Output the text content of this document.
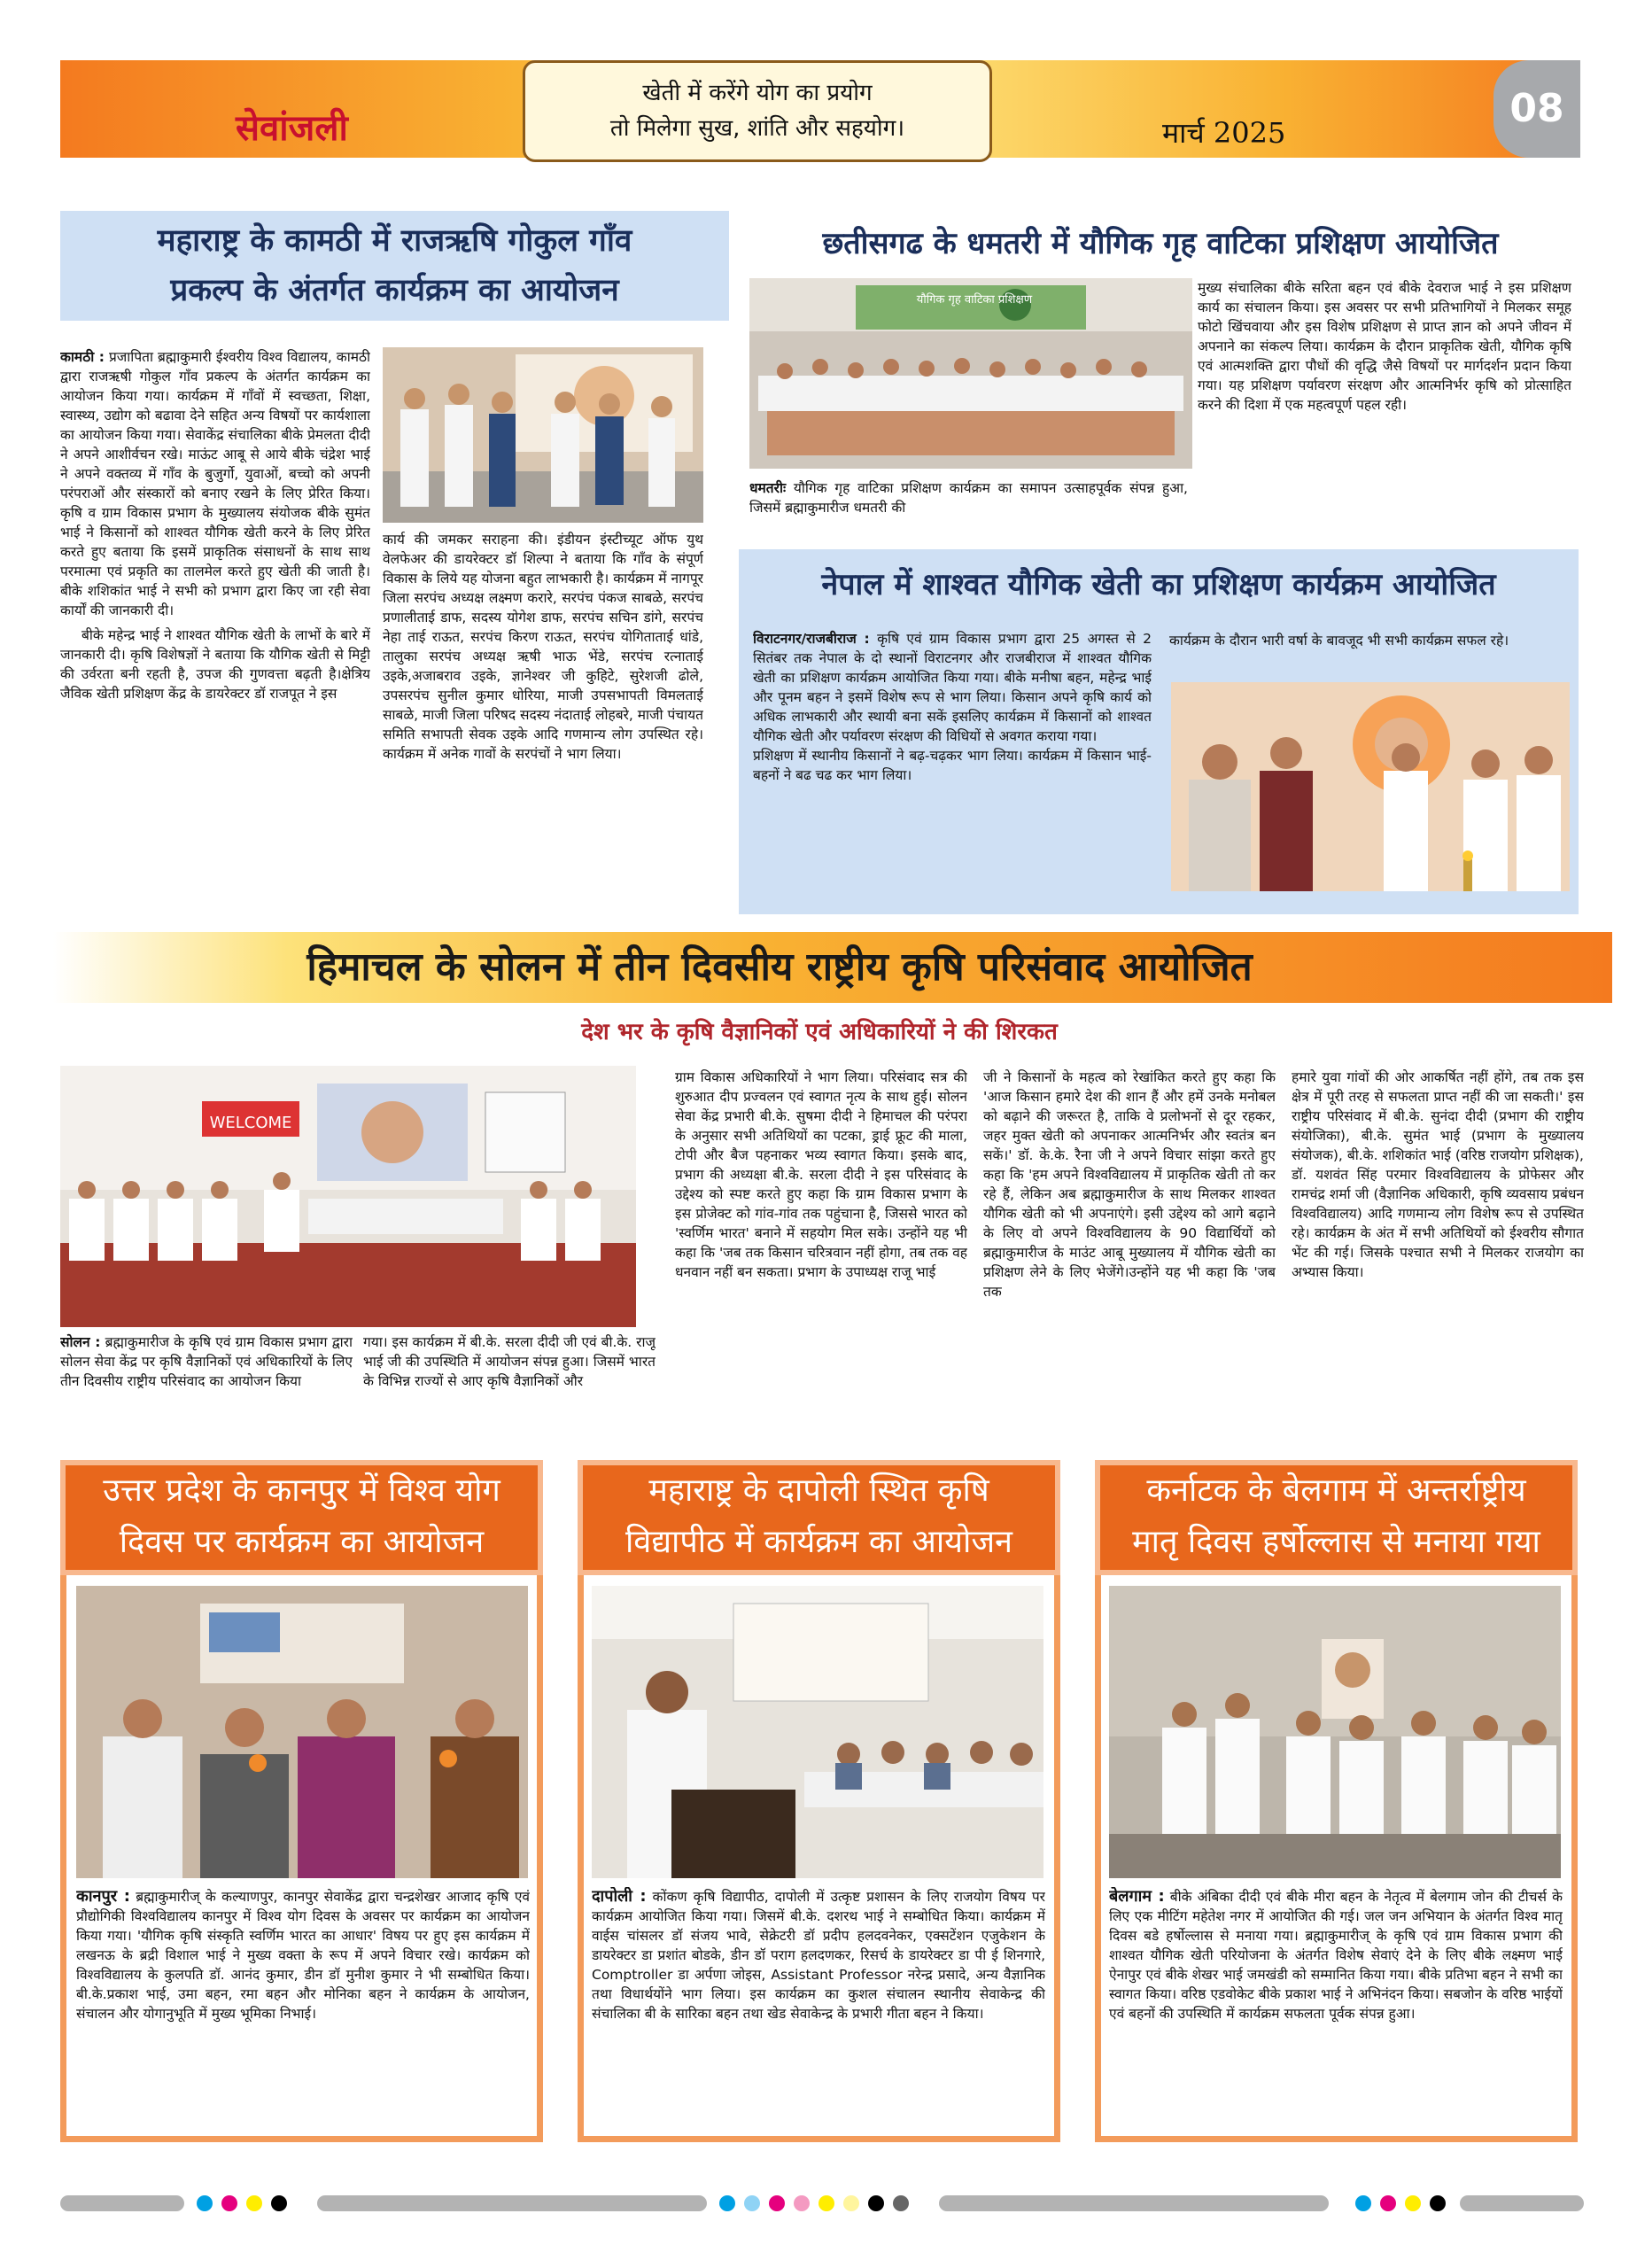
सेवांजली
खेती में करेंगे योग का प्रयोग
तो मिलेगा सुख, शांति और सहयोग।	मार्च 2025
08
महाराष्ट्र के कामठी में राजऋषि गोकुल गाँव
प्रकल्प के अंतर्गत कार्यक्रम का आयोजन
कामठी : प्रजापिता ब्रह्माकुमारी ईश्वरीय विश्व विद्यालय, कामठी द्वारा राजऋषी गोकुल गाँव प्रकल्प के अंतर्गत कार्यक्रम का आयोजन किया गया। कार्यक्रम में गाँवों में स्वच्छता, शिक्षा, स्वास्थ्य, उद्योग को बढावा देने सहित अन्य विषयों पर कार्यशाला का आयोजन किया गया। सेवाकेंद्र संचालिका बीके प्रेमलता दीदी ने अपने आशीर्वचन रखे। माऊंट आबू से आये बीके चंद्रेश भाई ने अपने वक्तव्य में गाँव के बुजुर्गो, युवाओं, बच्चो को अपनी परंपराओं और संस्कारों को बनाए रखने के लिए प्रेरित किया। कृषि व ग्राम विकास प्रभाग के मुख्यालय संयोजक बीके सुमंत भाई ने किसानों को शाश्वत यौगिक खेती करने के लिए प्रेरित करते हुए बताया कि इसमें प्राकृतिक संसाधनों के साथ साथ परमात्मा एवं प्रकृति का तालमेल करते हुए खेती की जाती है। बीके शशिकांत भाई ने सभी को प्रभाग द्वारा किए जा रही सेवा कार्यों की जानकारी दी।

बीके महेन्द्र भाई ने शाश्वत यौगिक खेती के लाभों के बारे में जानकारी दी। कृषि विशेषज्ञों ने बताया कि यौगिक खेती से मिट्टी की उर्वरता बनी रहती है, उपज की गुणवत्ता बढ़ती है।क्षेत्रिय जैविक खेती प्रशिक्षण केंद्र के डायरेक्टर डॉ राजपूत ने इस

कार्य की जमकर सराहना की। इंडीयन इंस्टीच्यूट ऑफ युथ वेलफेअर की डायरेक्टर डॉ शिल्पा ने बताया कि गाँव के संपूर्ण विकास के लिये यह योजना बहुत लाभकारी है। कार्यक्रम में नागपूर जिला सरपंच अध्यक्ष लक्ष्मण करारे, सरपंच पंकज साबळे, सरपंच प्रणालीताई डाफ, सदस्य योगेश डाफ, सरपंच सचिन डांगे, सरपंच नेहा ताई राऊत, सरपंच किरण राऊत, सरपंच योगिताताई धांडे, तालुका सरपंच अध्यक्ष ऋषी भाऊ भेंडे, सरपंच रत्नाताई उइके,अजाबराव उइके, ज्ञानेश्वर जी कुहिटे, सुरेशजी ढोले, उपसरपंच सुनील कुमार धोरिया, माजी उपसभापती विमलताई साबळे, माजी जिला परिषद सदस्य नंदाताई लोहबरे, माजी पंचायत समिति सभापती सेवक उइके आदि गणमान्य लोग उपस्थित रहे। कार्यक्रम में अनेक गावों के सरपंचों ने भाग लिया।
छतीसगढ के धमतरी में यौगिक गृह वाटिका प्रशिक्षण आयोजित
यौगिक गृह वाटिका प्रशिक्षण
धमतरीः यौगिक गृह वाटिका प्रशिक्षण कार्यक्रम का समापन उत्साहपूर्वक संपन्न हुआ, जिसमें ब्रह्माकुमारीज धमतरी की
मुख्य संचालिका बीके सरिता बहन एवं बीके देवराज भाई ने इस प्रशिक्षण कार्य का संचालन किया। इस अवसर पर सभी प्रतिभागियों ने मिलकर समूह फोटो खिंचवाया और इस विशेष प्रशिक्षण से प्राप्त ज्ञान को अपने जीवन में अपनाने का संकल्प लिया। कार्यक्रम के दौरान प्राकृतिक खेती, यौगिक कृषि एवं आत्मशक्ति द्वारा पौधों की वृद्धि जैसे विषयों पर मार्गदर्शन प्रदान किया गया। यह प्रशिक्षण पर्यावरण संरक्षण और आत्मनिर्भर कृषि को प्रोत्साहित करने की दिशा में एक महत्वपूर्ण पहल रही।
नेपाल में शाश्वत यौगिक खेती का प्रशिक्षण कार्यक्रम आयोजित
विराटनगर/राजबीराज : कृषि एवं ग्राम विकास प्रभाग द्वारा 25 अगस्त से 2 सितंबर तक नेपाल के दो स्थानों विराटनगर और राजबीराज में शाश्वत यौगिक खेती का प्रशिक्षण कार्यक्रम आयोजित किया गया। बीके मनीषा बहन, महेन्द्र भाई और पूनम बहन ने इसमें विशेष रूप से भाग लिया। किसान अपने कृषि कार्य को अधिक लाभकारी और स्थायी बना सकें इसलिए कार्यक्रम में किसानों को शाश्वत यौगिक खेती और पर्यावरण संरक्षण की विधियों से अवगत कराया गया।

प्रशिक्षण में स्थानीय किसानों ने बढ़-चढ़कर भाग लिया। कार्यक्रम में किसान भाई-बहनों ने बढ चढ कर भाग लिया।

कार्यक्रम के दौरान भारी वर्षा के बावजूद भी सभी कार्यक्रम सफल रहे।
हिमाचल के सोलन में तीन दिवसीय राष्ट्रीय कृषि परिसंवाद आयोजित
देश भर के कृषि वैज्ञानिकों एवं अधिकारियों ने की शिरकत
WELCOME
सोलन : ब्रह्माकुमारीज के कृषि एवं ग्राम विकास प्रभाग द्वारा सोलन सेवा केंद्र पर कृषि वैज्ञानिकों एवं अधिकारियों के लिए तीन दिवसीय राष्ट्रीय परिसंवाद का आयोजन किया
गया। इस कार्यक्रम में बी.के. सरला दीदी जी एवं बी.के. राजू भाई जी की उपस्थिति में आयोजन संपन्न हुआ। जिसमें भारत के विभिन्न राज्यों से आए कृषि वैज्ञानिकों और
ग्राम विकास अधिकारियों ने भाग लिया। परिसंवाद सत्र की शुरुआत दीप प्रज्वलन एवं स्वागत नृत्य के साथ हुई। सोलन सेवा केंद्र प्रभारी बी.के. सुषमा दीदी ने हिमाचल की परंपरा के अनुसार सभी अतिथियों का पटका, ड्राई फ्रूट की माला, टोपी और बैज पहनाकर भव्य स्वागत किया। इसके बाद, प्रभाग की अध्यक्षा बी.के. सरला दीदी ने इस परिसंवाद के उद्देश्य को स्पष्ट करते हुए कहा कि ग्राम विकास प्रभाग के इस प्रोजेक्ट को गांव-गांव तक पहुंचाना है, जिससे भारत को 'स्वर्णिम भारत' बनाने में सहयोग मिल सके। उन्होंने यह भी कहा कि 'जब तक किसान चरित्रवान नहीं होगा, तब तक वह धनवान नहीं बन सकता। प्रभाग के उपाध्यक्ष राजू भाई
जी ने किसानों के महत्व को रेखांकित करते हुए कहा कि 'आज किसान हमारे देश की शान हैं और हमें उनके मनोबल को बढ़ाने की जरूरत है, ताकि वे प्रलोभनों से दूर रहकर, जहर मुक्त खेती को अपनाकर आत्मनिर्भर और स्वतंत्र बन सकें।' डॉ. के.के. रैना जी ने अपने विचार सांझा करते हुए कहा कि 'हम अपने विश्वविद्यालय में प्राकृतिक खेती तो कर रहे हैं, लेकिन अब ब्रह्माकुमारीज के साथ मिलकर शाश्वत यौगिक खेती को भी अपनाएंगे। इसी उद्देश्य को आगे बढ़ाने के लिए वो अपने विश्वविद्यालय के 90 विद्यार्थियों को ब्रह्माकुमारीज के माउंट आबू मुख्यालय में यौगिक खेती का प्रशिक्षण लेने के लिए भेजेंगे।उन्होंने यह भी कहा कि 'जब तक
हमारे युवा गांवों की ओर आकर्षित नहीं होंगे, तब तक इस क्षेत्र में पूरी तरह से सफलता प्राप्त नहीं की जा सकती।' इस राष्ट्रीय परिसंवाद में बी.के. सुनंदा दीदी (प्रभाग की राष्ट्रीय संयोजिका), बी.के. सुमंत भाई (प्रभाग के मुख्यालय संयोजक), बी.के. शशिकांत भाई (वरिष्ठ राजयोग प्रशिक्षक), डॉ. यशवंत सिंह परमार विश्वविद्यालय के प्रोफेसर और रामचंद्र शर्मा जी (वैज्ञानिक अधिकारी, कृषि व्यवसाय प्रबंधन विश्वविद्यालय) आदि गणमान्य लोग विशेष रूप से उपस्थित रहे। कार्यक्रम के अंत में सभी अतिथियों को ईश्वरीय सौगात भेंट की गई। जिसके पश्चात सभी ने मिलकर राजयोग का अभ्यास किया।
उत्तर प्रदेश के कानपुर में विश्व योग
दिवस पर कार्यक्रम का आयोजन
कानपुर : ब्रह्माकुमारीज् के कल्याणपुर, कानपुर सेवाकेंद्र द्वारा चन्द्रशेखर आजाद कृषि एवं प्रौद्योगिकी विश्वविद्यालय कानपुर में विश्व योग दिवस के अवसर पर कार्यक्रम का आयोजन किया गया। 'यौगिक कृषि संस्कृति स्वर्णिम भारत का आधार' विषय पर हुए इस कार्यक्रम में लखनऊ के ब्रद्री विशाल भाई ने मुख्य वक्ता के रूप में अपने विचार रखे। कार्यक्रम को विश्वविद्यालय के कुलपति डॉ. आनंद कुमार, डीन डॉ मुनीश कुमार ने भी सम्बोधित किया। बी.के.प्रकाश भाई, उमा बहन, रमा बहन और मोनिका बहन ने कार्यक्रम के आयोजन, संचालन और योगानुभूति में मुख्य भूमिका निभाई।
महाराष्ट्र के दापोली स्थित कृषि
विद्यापीठ में कार्यक्रम का आयोजन
दापोली : कोंकण कृषि विद्यापीठ, दापोली में उत्कृष्ट प्रशासन के लिए राजयोग विषय पर कार्यक्रम आयोजित किया गया। जिसमें बी.के. दशरथ भाई ने सम्बोधित किया। कार्यक्रम में वाईस चांसलर डॉ संजय भावे, सेक्रेटरी डॉ प्रदीप हलदवनेकर, एक्सटेंशन एजुकेशन के डायरेक्टर डा प्रशांत बोडके, डीन डॉ पराग हलदणकर, रिसर्च के डायरेक्टर डा पी ई शिनगारे, Comptroller डा अर्पणा जोइस, Assistant Professor नरेन्द्र प्रसादे, अन्य वैज्ञानिक तथा विधार्थयोंने भाग लिया। इस कार्यक्रम का कुशल संचालन स्थानीय सेवाकेन्द्र की संचालिका बी के सारिका बहन तथा खेड सेवाकेन्द्र के प्रभारी गीता बहन ने किया।
कर्नाटक के बेलगाम में अन्तर्राष्ट्रीय
मातृ दिवस हर्षोल्लास से मनाया गया
बेलगाम : बीके अंबिका दीदी एवं बीके मीरा बहन के नेतृत्व में बेलगाम जोन की टीचर्स के लिए एक मीटिंग महेतेश नगर में आयोजित की गई। जल जन अभियान के अंतर्गत विश्व मातृ दिवस बडे हर्षोल्लास से मनाया गया। ब्रह्माकुमारीज् के कृषि एवं ग्राम विकास प्रभाग की शाश्वत यौगिक खेती परियोजना के अंतर्गत विशेष सेवाएं देने के लिए बीके लक्ष्मण भाई ऐनापुर एवं बीके शेखर भाई जमखंडी को सम्मानित किया गया। बीके प्रतिभा बहन ने सभी का स्वागत किया। वरिष्ठ एडवोकेट बीके प्रकाश भाई ने अभिनंदन किया। सबजोन के वरिष्ठ भाईयों एवं बहनों की उपस्थिति में कार्यक्रम सफलता पूर्वक संपन्न हुआ।
